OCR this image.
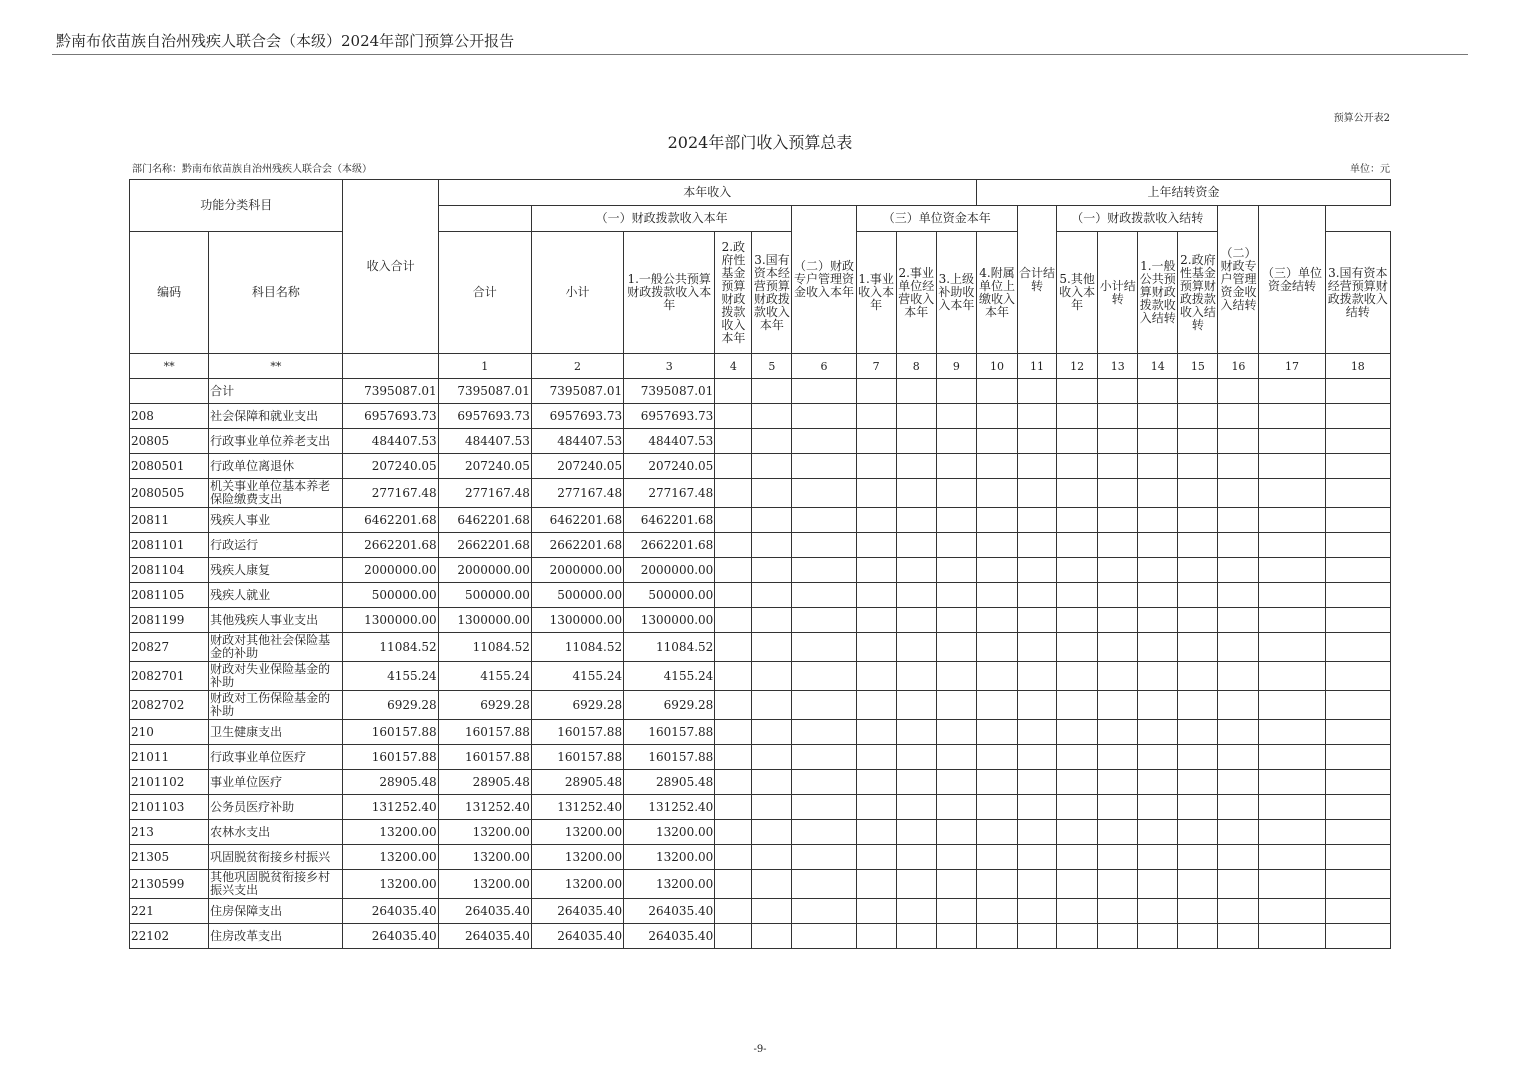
黔南布依苗族自治州残疾人联合会（本级）2024年部门预算公开报告
预算公开表2
2024年部门收入预算总表
部门名称：黔南布依苗族自治州残疾人联合会（本级）	单位：元
功能分类科目		收入合计	本年收入									上年结转资金								
				（一）财政拨款收入本年				（二）财政专户管理资金收入本年	（三）单位资金本年				合计结转	（一）财政拨款收入结转				（二）财政专户管理资金收入结转	（三）单位资金结转	
编码	科目名称		合计	小计	1.一般公共预算财政拨款收入本年	2.政府性基金预算财政拨款收入本年	3.国有资本经营预算财政拨款收入本年		1.事业收入本年	2.事业单位经营收入本年	3.上级补助收入本年	4.附属单位上缴收入本年		5.其他收入本年	小计结转	1.一般公共预算财政拨款收入结转	2.政府性基金预算财政拨款收入结转			3.国有资本经营预算财政拨款收入结转
**	**		1	2	3	4	5	6	7	8	9	10	11	12	13	14	15	16	17	18
	合计	7395087.01	7395087.01	7395087.01	7395087.01															
208	社会保障和就业支出	6957693.73	6957693.73	6957693.73	6957693.73															
20805	行政事业单位养老支出	484407.53	484407.53	484407.53	484407.53															
2080501	行政单位离退休	207240.05	207240.05	207240.05	207240.05															
2080505	机关事业单位基本养老保险缴费支出	277167.48	277167.48	277167.48	277167.48															
20811	残疾人事业	6462201.68	6462201.68	6462201.68	6462201.68															
2081101	行政运行	2662201.68	2662201.68	2662201.68	2662201.68															
2081104	残疾人康复	2000000.00	2000000.00	2000000.00	2000000.00															
2081105	残疾人就业	500000.00	500000.00	500000.00	500000.00															
2081199	其他残疾人事业支出	1300000.00	1300000.00	1300000.00	1300000.00															
20827	财政对其他社会保险基金的补助	11084.52	11084.52	11084.52	11084.52															
2082701	财政对失业保险基金的补助	4155.24	4155.24	4155.24	4155.24															
2082702	财政对工伤保险基金的补助	6929.28	6929.28	6929.28	6929.28															
210	卫生健康支出	160157.88	160157.88	160157.88	160157.88															
21011	行政事业单位医疗	160157.88	160157.88	160157.88	160157.88															
2101102	事业单位医疗	28905.48	28905.48	28905.48	28905.48															
2101103	公务员医疗补助	131252.40	131252.40	131252.40	131252.40															
213	农林水支出	13200.00	13200.00	13200.00	13200.00															
21305	巩固脱贫衔接乡村振兴	13200.00	13200.00	13200.00	13200.00															
2130599	其他巩固脱贫衔接乡村振兴支出	13200.00	13200.00	13200.00	13200.00															
221	住房保障支出	264035.40	264035.40	264035.40	264035.40															
22102	住房改革支出	264035.40	264035.40	264035.40	264035.40															
-9-
